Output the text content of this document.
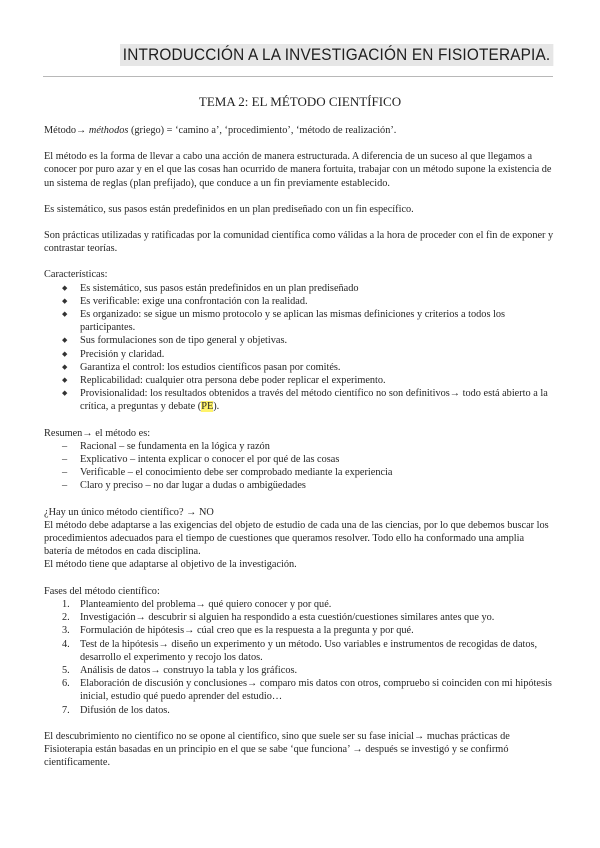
INTRODUCCIÓN A LA INVESTIGACIÓN EN FISIOTERAPIA.
TEMA 2: EL MÉTODO CIENTÍFICO

Método→ méthodos (griego) = ‘camino a’, ‘procedimiento’, ‘método de realización’.

El método es la forma de llevar a cabo una acción de manera estructurada. A diferencia de un suceso al que llegamos a conocer por puro azar y en el que las cosas han ocurrido de manera fortuita, trabajar con un método supone la existencia de un sistema de reglas (plan prefijado), que conduce a un fin previamente establecido.

Es sistemático, sus pasos están predefinidos en un plan prediseñado con un fin específico.

Son prácticas utilizadas y ratificadas por la comunidad científica como válidas a la hora de proceder con el fin de exponer y contrastar teorías.

Características:

◆ Es sistemático, sus pasos están predefinidos en un plan prediseñado
◆ Es verificable: exige una confrontación con la realidad.
◆ Es organizado: se sigue un mismo protocolo y se aplican las mismas definiciones y criterios a todos los participantes.
◆ Sus formulaciones son de tipo general y objetivas.
◆ Precisión y claridad.
◆ Garantiza el control: los estudios científicos pasan por comités.
◆ Replicabilidad: cualquier otra persona debe poder replicar el experimento.
◆ Provisionalidad: los resultados obtenidos a través del método científico no son definitivos→ todo está abierto a la crítica, a preguntas y debate (PE).

Resumen→ el método es:

– Racional – se fundamenta en la lógica y razón
– Explicativo – intenta explicar o conocer el por qué de las cosas
– Verificable – el conocimiento debe ser comprobado mediante la experiencia
– Claro y preciso – no dar lugar a dudas o ambigüedades

¿Hay un único método científico? → NO

El método debe adaptarse a las exigencias del objeto de estudio de cada una de las ciencias, por lo que debemos buscar los procedimientos adecuados para el tiempo de cuestiones que queramos resolver. Todo ello ha conformado una amplia batería de métodos en cada disciplina.

El método tiene que adaptarse al objetivo de la investigación.

Fases del método científico:

1. Planteamiento del problema→ qué quiero conocer y por qué.
2. Investigación→ descubrir si alguien ha respondido a esta cuestión/cuestiones similares antes que yo.
3. Formulación de hipótesis→ cúal creo que es la respuesta a la pregunta y por qué.
4. Test de la hipótesis→ diseño un experimento y un método. Uso variables e instrumentos de recogidas de datos, desarrollo el experimento y recojo los datos.
5. Análisis de datos→ construyo la tabla y los gráficos.
6. Elaboración de discusión y conclusiones→ comparo mis datos con otros, compruebo si coinciden con mi hipótesis inicial, estudio qué puedo aprender del estudio…
7. Difusión de los datos.

El descubrimiento no científico no se opone al científico, sino que suele ser su fase inicial→ muchas prácticas de Fisioterapia están basadas en un principio en el que se sabe ‘que funciona’ → después se investigó y se confirmó científicamente.
